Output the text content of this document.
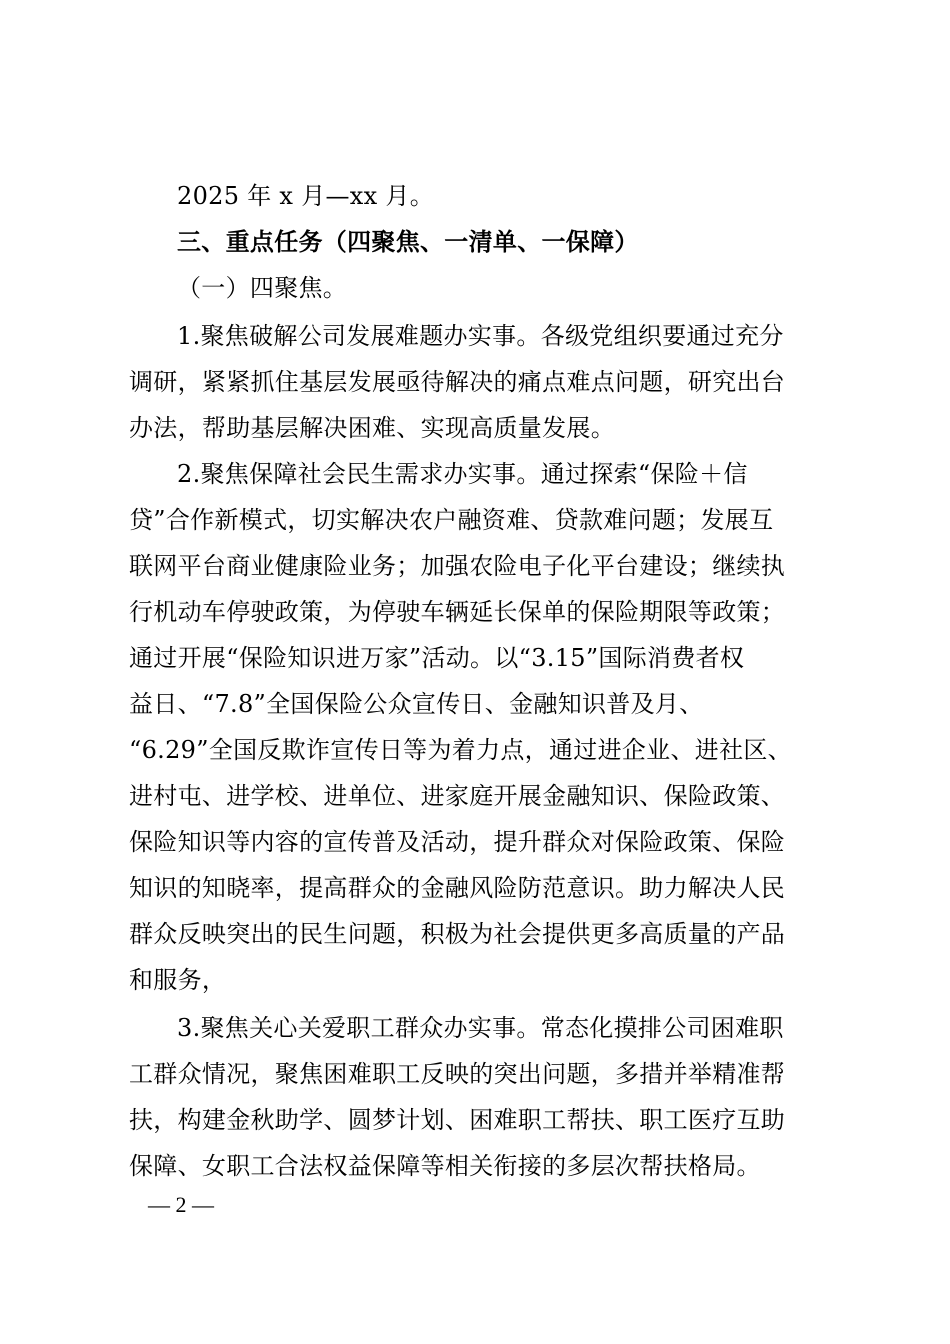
2025 年 x 月—xx 月。
三、重点任务（四聚焦、一清单、一保障）
（一）四聚焦。
1.聚焦破解公司发展难题办实事。各级党组织要通过充分
调研，紧紧抓住基层发展亟待解决的痛点难点问题，研究出台
办法，帮助基层解决困难、实现高质量发展。
2.聚焦保障社会民生需求办实事。通过探索“保险＋信
贷”合作新模式，切实解决农户融资难、贷款难问题；发展互
联网平台商业健康险业务；加强农险电子化平台建设；继续执
行机动车停驶政策，为停驶车辆延长保单的保险期限等政策；
通过开展“保险知识进万家”活动。以“3.15”国际消费者权
益日、“7.8”全国保险公众宣传日、金融知识普及月、
“6.29”全国反欺诈宣传日等为着力点，通过进企业、进社区、
进村屯、进学校、进单位、进家庭开展金融知识、保险政策、
保险知识等内容的宣传普及活动，提升群众对保险政策、保险
知识的知晓率，提高群众的金融风险防范意识。助力解决人民
群众反映突出的民生问题，积极为社会提供更多高质量的产品
和服务，
3.聚焦关心关爱职工群众办实事。常态化摸排公司困难职
工群众情况，聚焦困难职工反映的突出问题，多措并举精准帮
扶，构建金秋助学、圆梦计划、困难职工帮扶、职工医疗互助
保障、女职工合法权益保障等相关衔接的多层次帮扶格局。
— 2 —
